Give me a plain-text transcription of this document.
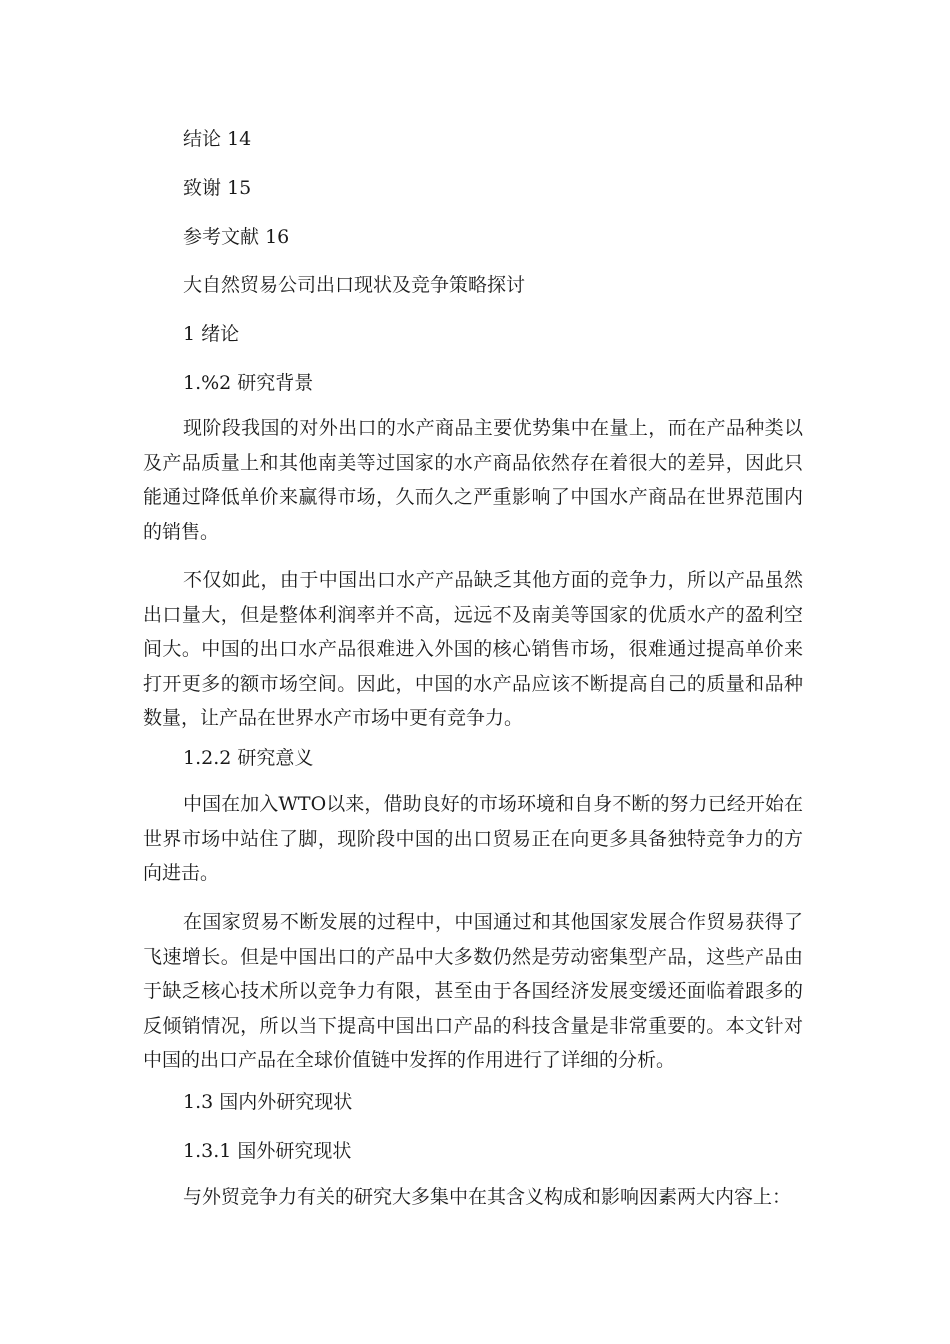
结论 14
致谢 15
参考文献 16
大自然贸易公司出口现状及竞争策略探讨
1 绪论
1.%2 研究背景

现阶段我国的对外出口的水产商品主要优势集中在量上，而在产品种类以及产品质量上和其他南美等过国家的水产商品依然存在着很大的差异，因此只能通过降低单价来赢得市场，久而久之严重影响了中国水产商品在世界范围内的销售。

不仅如此，由于中国出口水产产品缺乏其他方面的竞争力，所以产品虽然出口量大，但是整体利润率并不高，远远不及南美等国家的优质水产的盈利空间大。中国的出口水产品很难进入外国的核心销售市场，很难通过提高单价来打开更多的额市场空间。因此，中国的水产品应该不断提高自己的质量和品种数量，让产品在世界水产市场中更有竞争力。

1.2.2 研究意义

中国在加入WTO以来，借助良好的市场环境和自身不断的努力已经开始在世界市场中站住了脚，现阶段中国的出口贸易正在向更多具备独特竞争力的方向进击。

在国家贸易不断发展的过程中，中国通过和其他国家发展合作贸易获得了飞速增长。但是中国出口的产品中大多数仍然是劳动密集型产品，这些产品由于缺乏核心技术所以竞争力有限，甚至由于各国经济发展变缓还面临着跟多的反倾销情况，所以当下提高中国出口产品的科技含量是非常重要的。本文针对中国的出口产品在全球价值链中发挥的作用进行了详细的分析。

1.3 国内外研究现状
1.3.1 国外研究现状

与外贸竞争力有关的研究大多集中在其含义构成和影响因素两大内容上：
